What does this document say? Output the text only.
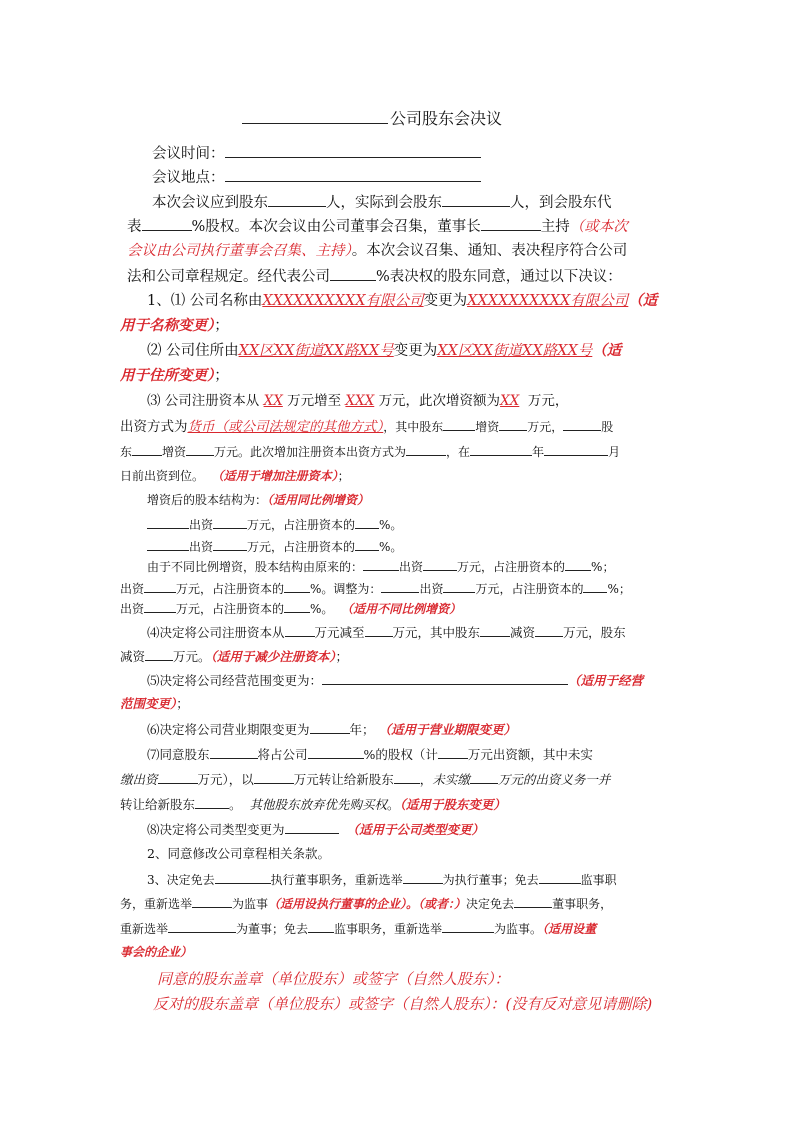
公司股东会决议
会议时间：
会议地点：
本次会议应到股东	人，实际到会股东	人，到会股东代
表	%股权。本次会议由公司董事会召集，董事长	主持（或本次
会议由公司执行董事会召集、主持）。本次会议召集、通知、表决程序符合公司
法和公司章程规定。经代表公司	%表决权的股东同意，通过以下决议：
1、⑴ 公司名称由XXXXXXXXXX有限公司变更为XXXXXXXXXX有限公司（适
用于名称变更）；
⑵ 公司住所由XX区XX街道XX路XX号变更为XX区XX街道XX路XX号（适
用于住所变更）；
⑶ 公司注册资本从 XX 万元增至 XXX 万元，此次增资额为XX 万元，
出资方式为货币（或公司法规定的其他方式），其中股东	增资 万元，	股
东	增资 万元。此次增加注册资本出资方式为	，在	年	月
日前出资到位。 （适用于增加注册资本）；
增资后的股本结构为：（适用同比例增资）
出资	万元，占注册资本的 %。
出资	万元，占注册资本的 %。
由于不同比例增资，股本结构由原来的：	出资	万元，占注册资本的 %；
出资	万元，占注册资本的 %。调整为：	出资	万元，占注册资本的 %；
出资	万元，占注册资本的 %。 （适用不同比例增资）
⑷决定将公司注册资本从 万元减至 万元，其中股东 减资 万元，股东
减资 万元。（适用于减少注册资本）；
⑸决定将公司经营范围变更为：	（适用于经营
范围变更）；
⑹决定将公司营业期限变更为	年； （适用于营业期限变更）
⑺同意股东	将占公司	%的股权（计 万元出资额，其中未实
缴出资	万元），以	万元转让给新股东 ，未实缴 万元的出资义务一并
转让给新股东	。 其他股东放弃优先购买权。（适用于股东变更）
⑻决定将公司类型变更为	（适用于公司类型变更）
2、同意修改公司章程相关条款。
3、决定免去	执行董事职务，重新选举	为执行董事；免去	监事职
务，重新选举	为监事（适用设执行董事的企业）。（或者：）决定免去	董事职务，
重新选举	为董事；免去 监事职务，重新选举	为监事。（适用设董
事会的企业）
同意的股东盖章（单位股东）或签字（自然人股东）：
反对的股东盖章（单位股东）或签字（自然人股东）：(没有反对意见请删除)
